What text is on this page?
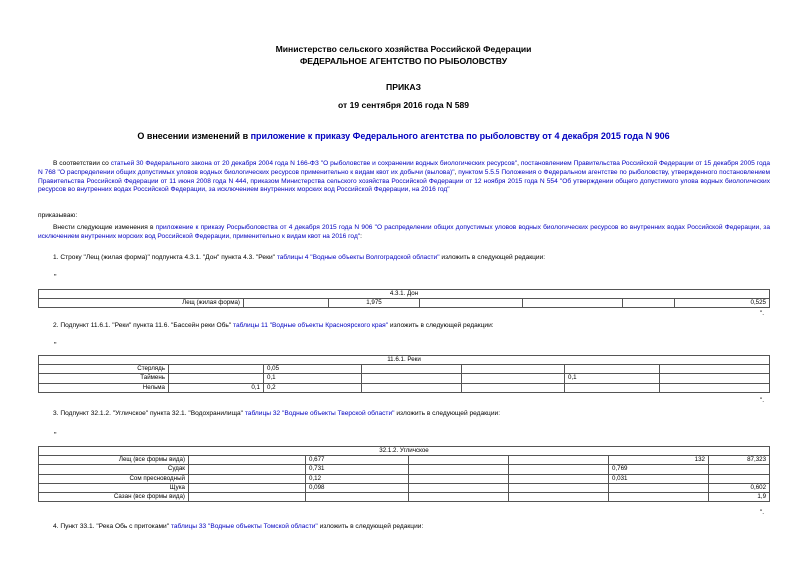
Министерство сельского хозяйства Российской Федерации
ФЕДЕРАЛЬНОЕ АГЕНТСТВО ПО РЫБОЛОВСТВУ
ПРИКАЗ
от 19 сентября 2016 года N 589
О внесении изменений в приложение к приказу Федерального агентства по рыболовству от 4 декабря 2015 года N 906
В соответствии со статьей 30 Федерального закона от 20 декабря 2004 года N 166-ФЗ "О рыболовстве и сохранении водных биологических ресурсов", постановлением Правительства Российской Федерации от 15 декабря 2005 года N 768 "О распределении общих допустимых уловов водных биологических ресурсов применительно к видам квот их добычи (вылова)", пунктом 5.5.5 Положения о Федеральном агентстве по рыболовству, утвержденного постановлением Правительства Российской Федерации от 11 июня 2008 года N 444, приказом Министерства сельского хозяйства Российской Федерации от 12 ноября 2015 года N 554 "Об утверждении общего допустимого улова водных биологических ресурсов во внутренних водах Российской Федерации, за исключением внутренних морских вод Российской Федерации, на 2016 год"
приказываю:
Внести следующие изменения в приложение к приказу Росрыболовства от 4 декабря 2015 года N 906 "О распределении общих допустимых уловов водных биологических ресурсов во внутренних водах Российской Федерации, за исключением внутренних морских вод Российской Федерации, применительно к видам квот на 2016 год":
1. Строку "Лещ (жилая форма)" подпункта 4.3.1. "Дон" пункта 4.3. "Реки" таблицы 4 "Водные объекты Волгоградской области" изложить в следующей редакции:
"
4.3.1. Дон
Лещ (жилая форма)		1,975				0,525
".
2. Подпункт 11.6.1. "Реки" пункта 11.6. "Бассейн реки Обь" таблицы 11 "Водные объекты Красноярского края" изложить в следующей редакции:
"
11.6.1. Реки						
Стерлядь		0,05				
Таймень		0,1			0,1	
Нельма	0,1	0,2				
".
3. Подпункт 32.1.2. "Угличское" пункта 32.1. "Водохранилища" таблицы 32 "Водные объекты Тверской области" изложить в следующей редакции:
"
32.1.2. Угличское						
Лещ (все формы вида)		0,677			132	87,323
Судак		0,731			0,769	
Сом пресноводный		0,12			0,031	
Щука		0,098				0,602
Сазан (все формы вида)						1,9
".
4. Пункт 33.1. "Река Обь с притоками" таблицы 33 "Водные объекты Томской области" изложить в следующей редакции:
